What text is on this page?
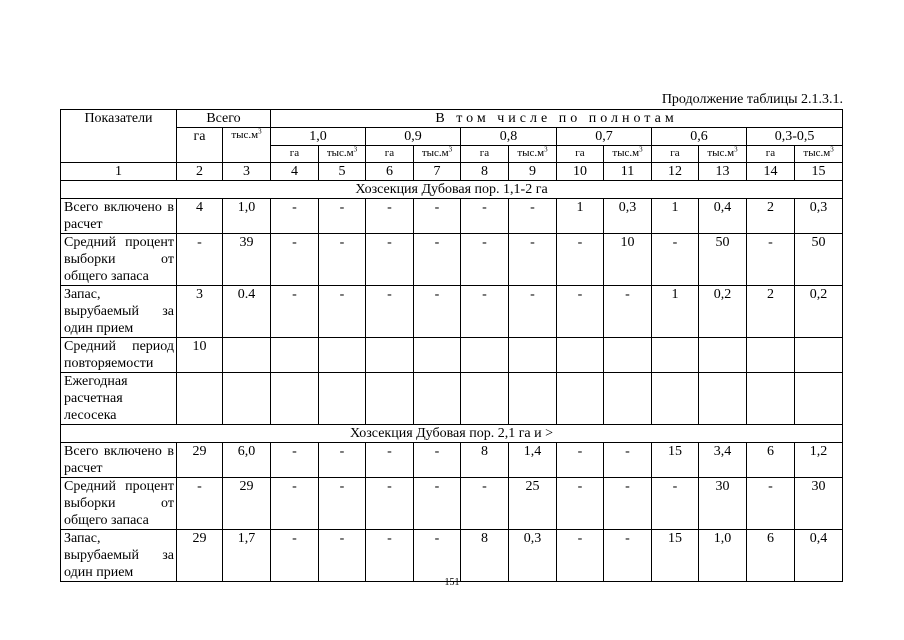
Продолжение таблицы 2.1.3.1.
Показатели	Всего		В том числе по полнотам											
	га	$тыс.м^3$	1,0		0,9		0,8		0,7		0,6		0,3-0,5	
			га	$тыс.м^3$	га	$тыс.м^3$	га	$тыс.м^3$	га	$тыс.м^3$	га	$тыс.м^3$	га	$тыс.м^3$
1	2	3	4	5	6	7	8	9	10	11	12	13	14	15
Хозсекция Дубовая пор. 1,1-2 га														
Всего включено в расчет	4	1,0	-	-	-	-	-	-	1	0,3	1	0,4	2	0,3
Средний процент выборки от общего запаса	-	39	-	-	-	-	-	-	-	10	-	50	-	50
Запас, вырубаемый за один прием	3	0.4	-	-	-	-	-	-	-	-	1	0,2	2	0,2
Средний период повторяемости	10													
Ежегодная расчетная лесосека														
Хозсекция Дубовая пор. 2,1 га и >														
Всего включено в расчет	29	6,0	-	-	-	-	8	1,4	-	-	15	3,4	6	1,2
Средний процент выборки от общего запаса	-	29	-	-	-	-	-	25	-	-	-	30	-	30
Запас, вырубаемый за один прием	29	1,7	-	-	-	-	8	0,3	-	-	15	1,0	6	0,4
151
